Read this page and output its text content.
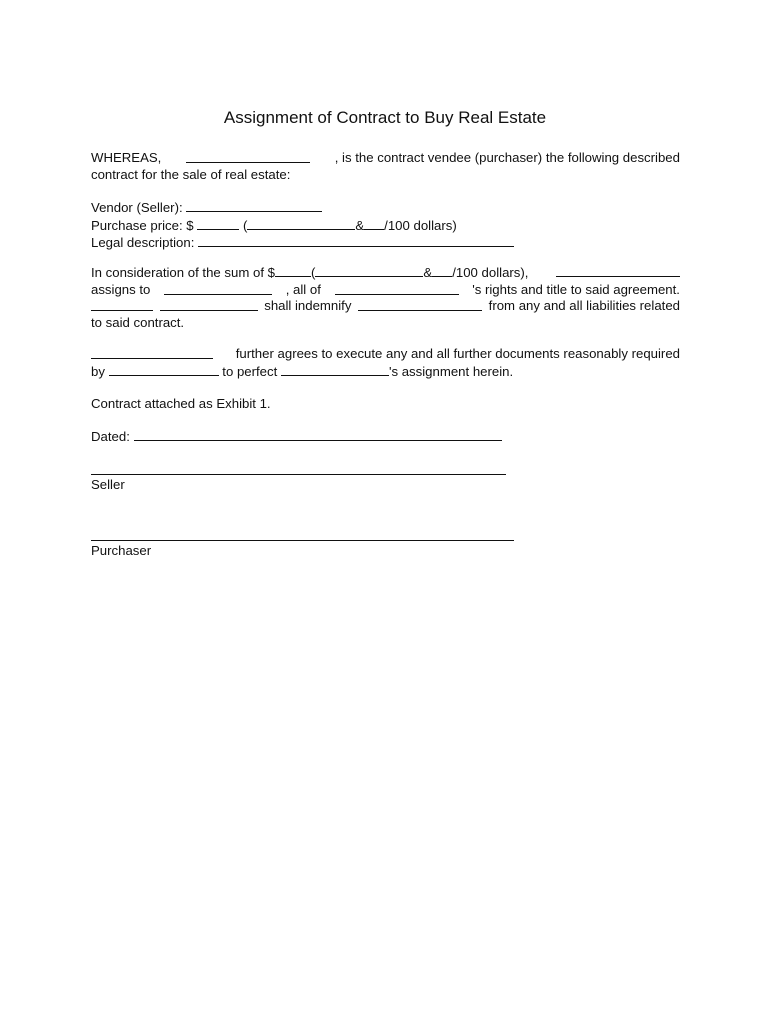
Assignment of Contract to Buy Real Estate
WHEREAS,	, is the contract vendee (purchaser) the following described
contract for the sale of real estate:
Vendor (Seller):
Purchase price: $	(	& /100 dollars)
Legal description:
In consideration of the sum of $	(	& /100 dollars),
assigns to	, all of	's rights and title to said agreement.
shall indemnify	from any and all liabilities related
to said contract.
further agrees to execute any and all further documents reasonably required
by	to perfect	's assignment herein.
Contract attached as Exhibit 1.
Dated:
Seller
Purchaser
